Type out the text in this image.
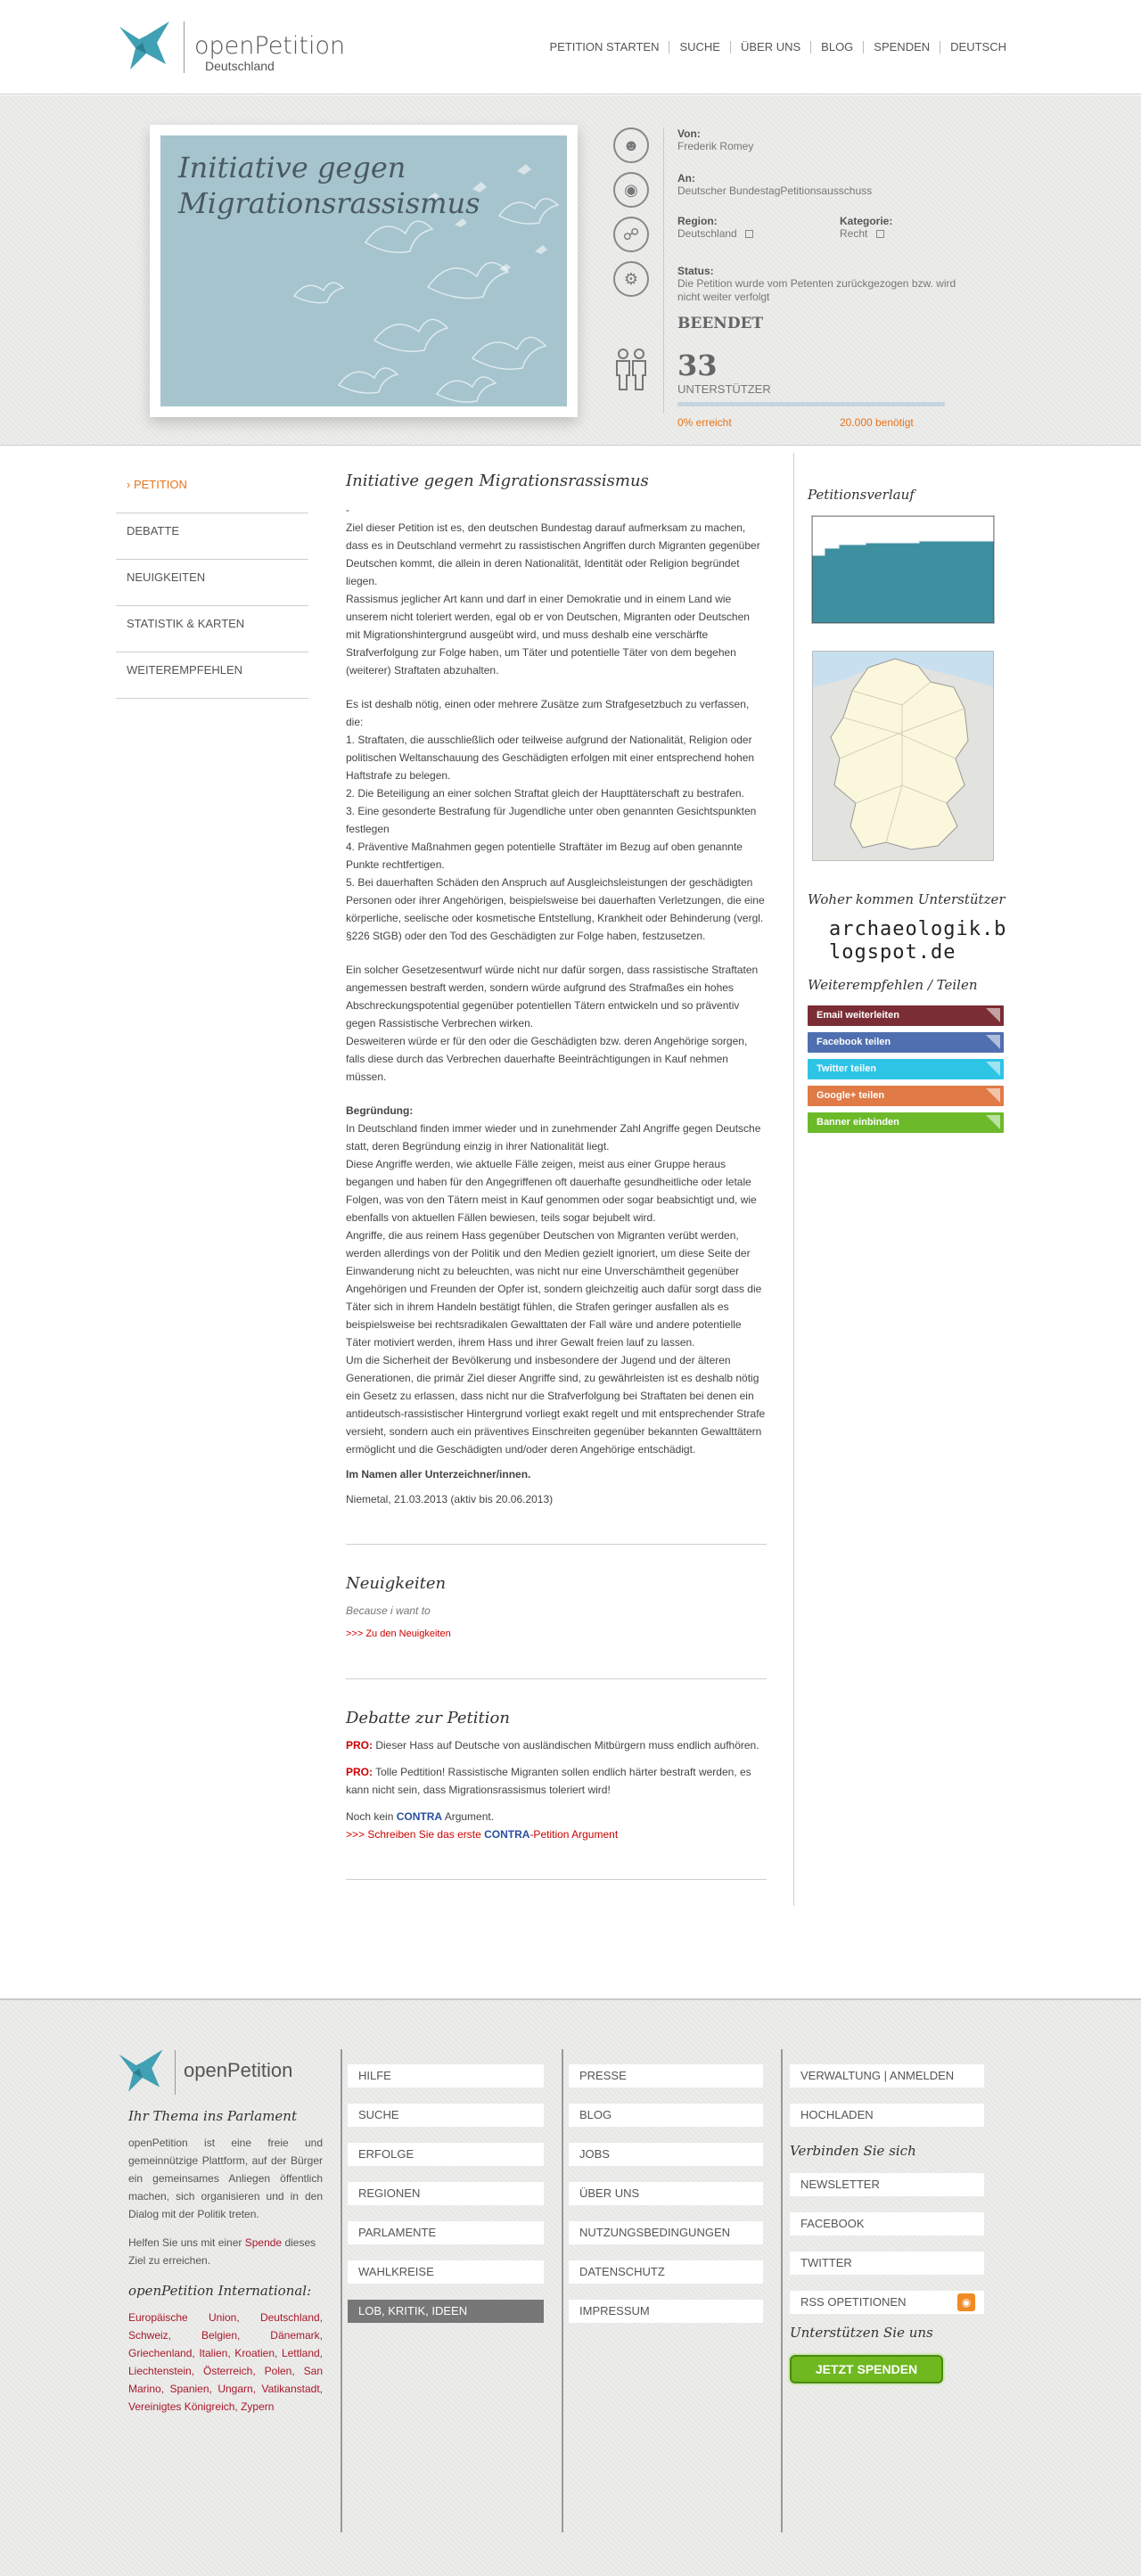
openPetition
Deutschland
PETITION STARTEN	SUCHE	ÜBER UNS	BLOG	SPENDEN	DEUTSCH
Initiative gegen Migrationsrassismus
☻
◉
☍
⚙
Von:
Frederik Romey
An:
Deutscher BundestagPetitionsausschuss
Region:
Deutschland
Kategorie:
Recht
Status:
Die Petition wurde vom Petenten zurückgezogen bzw. wird nicht weiter verfolgt
BEENDET
33
UNTERSTÜTZER
0% erreicht	20.000 benötigt
› PETITION
DEBATTE
NEUIGKEITEN
STATISTIK & KARTEN
WEITEREMPFEHLEN
Initiative gegen Migrationsrassismus

-

Ziel dieser Petition ist es, den deutschen Bundestag darauf aufmerksam zu machen, dass es in Deutschland vermehrt zu rassistischen Angriffen durch Migranten gegenüber Deutschen kommt, die allein in deren Nationalität, Identität oder Religion begründet liegen.

Rassismus jeglicher Art kann und darf in einer Demokratie und in einem Land wie unserem nicht toleriert werden, egal ob er von Deutschen, Migranten oder Deutschen mit Migrationshintergrund ausgeübt wird, und muss deshalb eine verschärfte Strafverfolgung zur Folge haben, um Täter und potentielle Täter von dem begehen (weiterer) Straftaten abzuhalten.

Es ist deshalb nötig, einen oder mehrere Zusätze zum Strafgesetzbuch zu verfassen, die:

1. Straftaten, die ausschließlich oder teilweise aufgrund der Nationalität, Religion oder politischen Weltanschauung des Geschädigten erfolgen mit einer entsprechend hohen Haftstrafe zu belegen.

2. Die Beteiligung an einer solchen Straftat gleich der Haupttäterschaft zu bestrafen.

3. Eine gesonderte Bestrafung für Jugendliche unter oben genannten Gesichtspunkten festlegen

4. Präventive Maßnahmen gegen potentielle Straftäter im Bezug auf oben genannte Punkte rechtfertigen.

5. Bei dauerhaften Schäden den Anspruch auf Ausgleichsleistungen der geschädigten Personen oder ihrer Angehörigen, beispielsweise bei dauerhaften Verletzungen, die eine körperliche, seelische oder kosmetische Entstellung, Krankheit oder Behinderung (vergl. §226 StGB) oder den Tod des Geschädigten zur Folge haben, festzusetzen.

Ein solcher Gesetzesentwurf würde nicht nur dafür sorgen, dass rassistische Straftaten angemessen bestraft werden, sondern würde aufgrund des Strafmaßes ein hohes Abschreckungspotential gegenüber potentiellen Tätern entwickeln und so präventiv gegen Rassistische Verbrechen wirken.

Desweiteren würde er für den oder die Geschädigten bzw. deren Angehörige sorgen, falls diese durch das Verbrechen dauerhafte Beeinträchtigungen in Kauf nehmen müssen.

Begründung:

In Deutschland finden immer wieder und in zunehmender Zahl Angriffe gegen Deutsche statt, deren Begründung einzig in ihrer Nationalität liegt.

Diese Angriffe werden, wie aktuelle Fälle zeigen, meist aus einer Gruppe heraus begangen und haben für den Angegriffenen oft dauerhafte gesundheitliche oder letale Folgen, was von den Tätern meist in Kauf genommen oder sogar beabsichtigt und, wie ebenfalls von aktuellen Fällen bewiesen, teils sogar bejubelt wird.

Angriffe, die aus reinem Hass gegenüber Deutschen von Migranten verübt werden, werden allerdings von der Politik und den Medien gezielt ignoriert, um diese Seite der Einwanderung nicht zu beleuchten, was nicht nur eine Unverschämtheit gegenüber Angehörigen und Freunden der Opfer ist, sondern gleichzeitig auch dafür sorgt dass die Täter sich in ihrem Handeln bestätigt fühlen, die Strafen geringer ausfallen als es beispielsweise bei rechtsradikalen Gewalttaten der Fall wäre und andere potentielle Täter motiviert werden, ihrem Hass und ihrer Gewalt freien lauf zu lassen.

Um die Sicherheit der Bevölkerung und insbesondere der Jugend und der älteren Generationen, die primär Ziel dieser Angriffe sind, zu gewährleisten ist es deshalb nötig ein Gesetz zu erlassen, dass nicht nur die Strafverfolgung bei Straftaten bei denen ein antideutsch-rassistischer Hintergrund vorliegt exakt regelt und mit entsprechender Strafe versieht, sondern auch ein präventives Einschreiten gegenüber bekannten Gewalttätern ermöglicht und die Geschädigten und/oder deren Angehörige entschädigt.

Im Namen aller Unterzeichner/innen.

Niemetal, 21.03.2013 (aktiv bis 20.06.2013)

Neuigkeiten

Because i want to

>>> Zu den Neuigkeiten
Debatte zur Petition

PRO: Dieser Hass auf Deutsche von ausländischen Mitbürgern muss endlich aufhören.

PRO: Tolle Pedtition! Rassistische Migranten sollen endlich härter bestraft werden, es kann nicht sein, dass Migrationsrassismus toleriert wird!

Noch kein CONTRA Argument.

>>> Schreiben Sie das erste CONTRA-Petition Argument
Petitionsverlauf
Woher kommen Unterstützer
archaeologik.blogspot.de
Weiterempfehlen / Teilen
Email weiterleiten
Facebook teilen
Twitter teilen
Google+ teilen
Banner einbinden
openPetition
Ihr Thema ins Parlament

openPetition ist eine freie und gemeinnützige Plattform, auf der Bürger ein gemeinsames Anliegen öffentlich machen, sich organisieren und in den Dialog mit der Politik treten.

Helfen Sie uns mit einer Spende dieses Ziel zu erreichen.

openPetition International:

Europäische Union, Deutschland, Schweiz, Belgien, Dänemark, Griechenland, Italien, Kroatien, Lettland, Liechtenstein, Österreich, Polen, San Marino, Spanien, Ungarn, Vatikanstadt, Vereinigtes Königreich, Zypern

HILFE
SUCHE
ERFOLGE
REGIONEN
PARLAMENTE
WAHLKREISE
LOB, KRITIK, IDEEN
PRESSE
BLOG
JOBS
ÜBER UNS
NUTZUNGSBEDINGUNGEN
DATENSCHUTZ
IMPRESSUM
VERWALTUNG | ANMELDEN
HOCHLADEN
Verbinden Sie sich
NEWSLETTER
FACEBOOK
TWITTER
RSS OPETITIONEN	◉
Unterstützen Sie uns
JETZT SPENDEN
